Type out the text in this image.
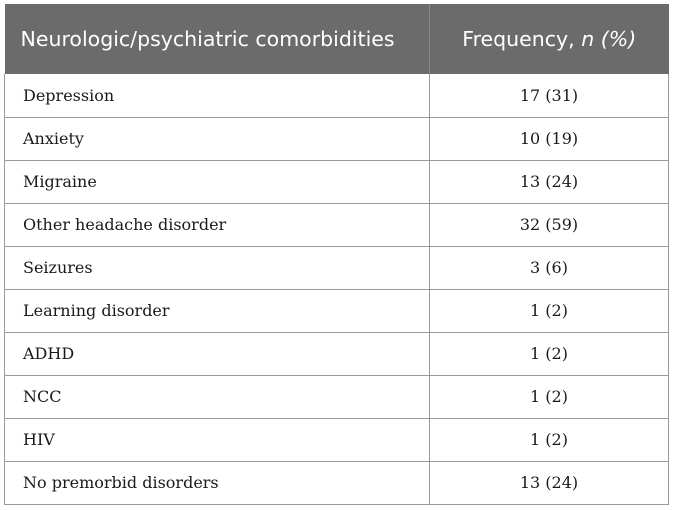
Neurologic/psychiatric comorbidities	Frequency, n (%)
Depression	17 (31)
Anxiety	10 (19)
Migraine	13 (24)
Other headache disorder	32 (59)
Seizures	3 (6)
Learning disorder	1 (2)
ADHD	1 (2)
NCC	1 (2)
HIV	1 (2)
No premorbid disorders	13 (24)
